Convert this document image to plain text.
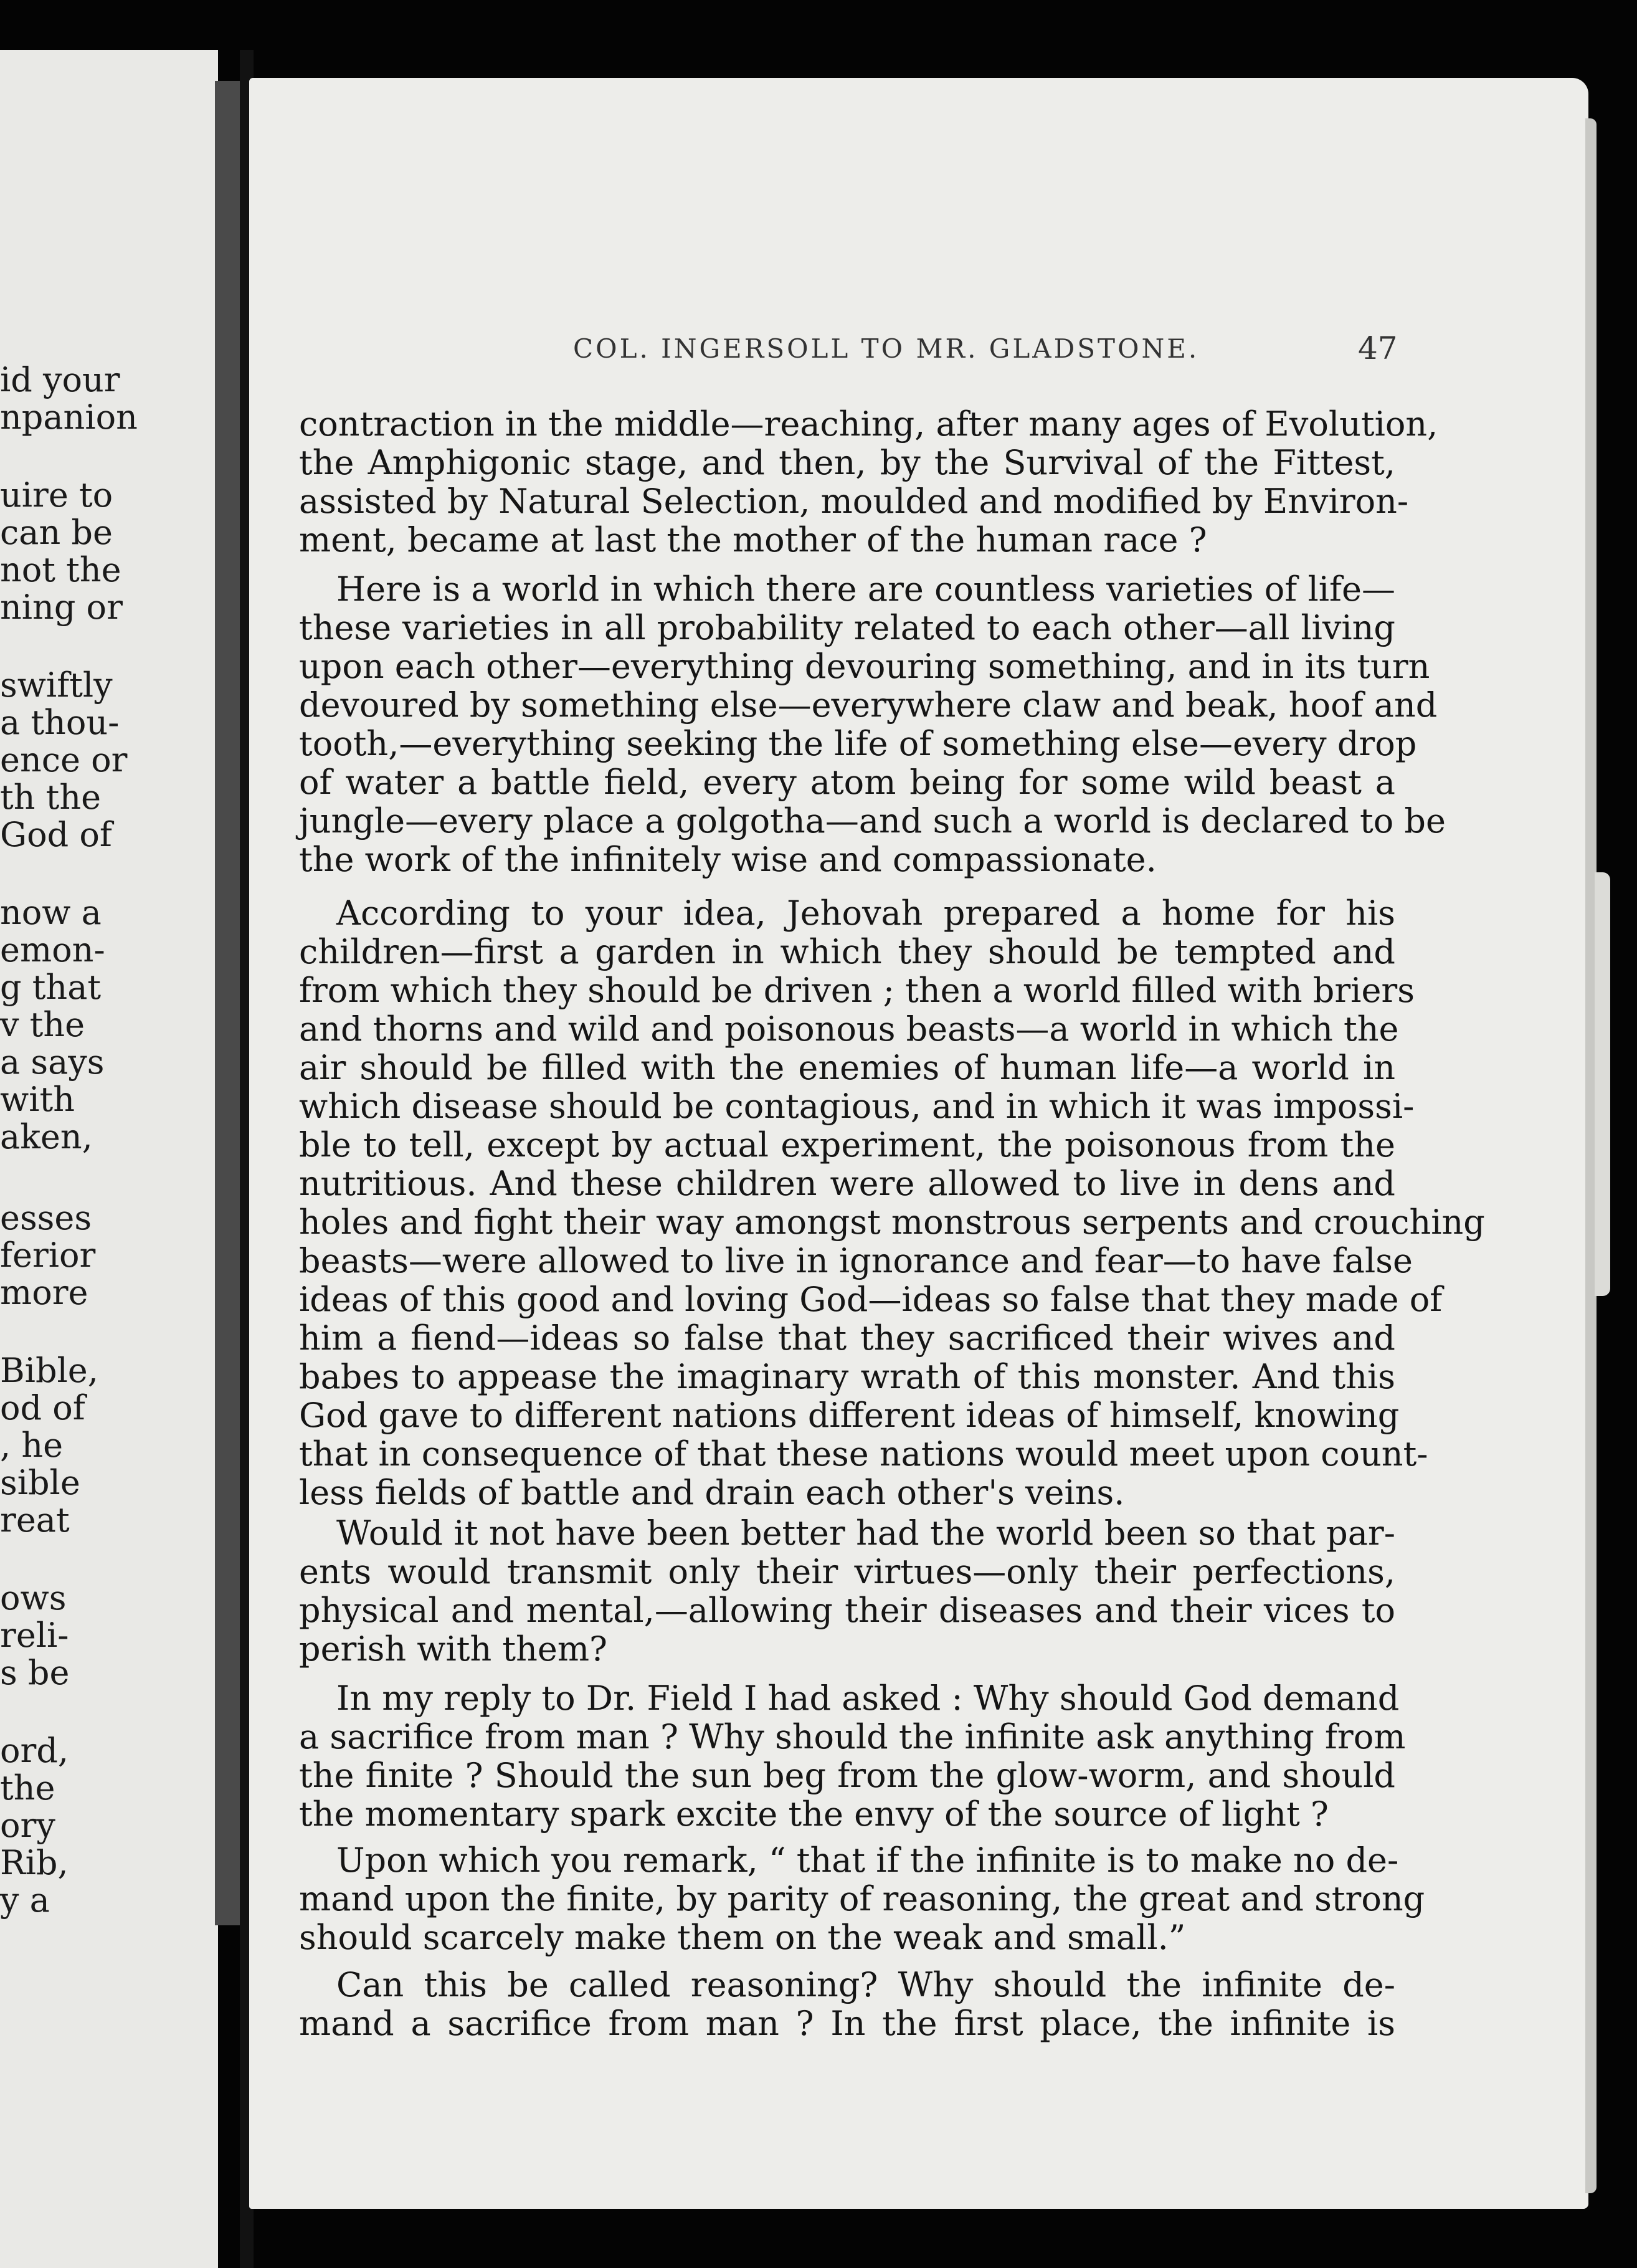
id your
npanion
uire to
can be
not the
ning or
swiftly
a thou-
ence or
th the
God of
now a
emon-
g that
v the
a says
with
aken,
esses
ferior
more
Bible,
od of
, he
sible
reat
ows
reli-
s be
ord,
the
ory
Rib,
y a
COL. INGERSOLL TO MR. GLADSTONE.	47
contraction in the middle—reaching, after many ages of Evolution,
the Amphigonic stage, and then, by the Survival of the Fittest,
assisted by Natural Selection, moulded and modified by Environ-
ment, became at last the mother of the human race ?
Here is a world in which there are countless varieties of life—
these varieties in all probability related to each other—all living
upon each other—everything devouring something, and in its turn
devoured by something else—everywhere claw and beak, hoof and
tooth,—everything seeking the life of something else—every drop
of water a battle field, every atom being for some wild beast a
jungle—every place a golgotha—and such a world is declared to be
the work of the infinitely wise and compassionate.
According to your idea, Jehovah prepared a home for his
children—first a garden in which they should be tempted and
from which they should be driven ; then a world filled with briers
and thorns and wild and poisonous beasts—a world in which the
air should be filled with the enemies of human life—a world in
which disease should be contagious, and in which it was impossi-
ble to tell, except by actual experiment, the poisonous from the
nutritious. And these children were allowed to live in dens and
holes and fight their way amongst monstrous serpents and crouching
beasts—were allowed to live in ignorance and fear—to have false
ideas of this good and loving God—ideas so false that they made of
him a fiend—ideas so false that they sacrificed their wives and
babes to appease the imaginary wrath of this monster. And this
God gave to different nations different ideas of himself, knowing
that in consequence of that these nations would meet upon count-
less fields of battle and drain each other's veins.
Would it not have been better had the world been so that par-
ents would transmit only their virtues—only their perfections,
physical and mental,—allowing their diseases and their vices to
perish with them?
In my reply to Dr. Field I had asked : Why should God demand
a sacrifice from man ? Why should the infinite ask anything from
the finite ? Should the sun beg from the glow-worm, and should
the momentary spark excite the envy of the source of light ?
Upon which you remark, “ that if the infinite is to make no de-
mand upon the finite, by parity of reasoning, the great and strong
should scarcely make them on the weak and small.”
Can this be called reasoning? Why should the infinite de-
mand a sacrifice from man ? In the first place, the infinite is
